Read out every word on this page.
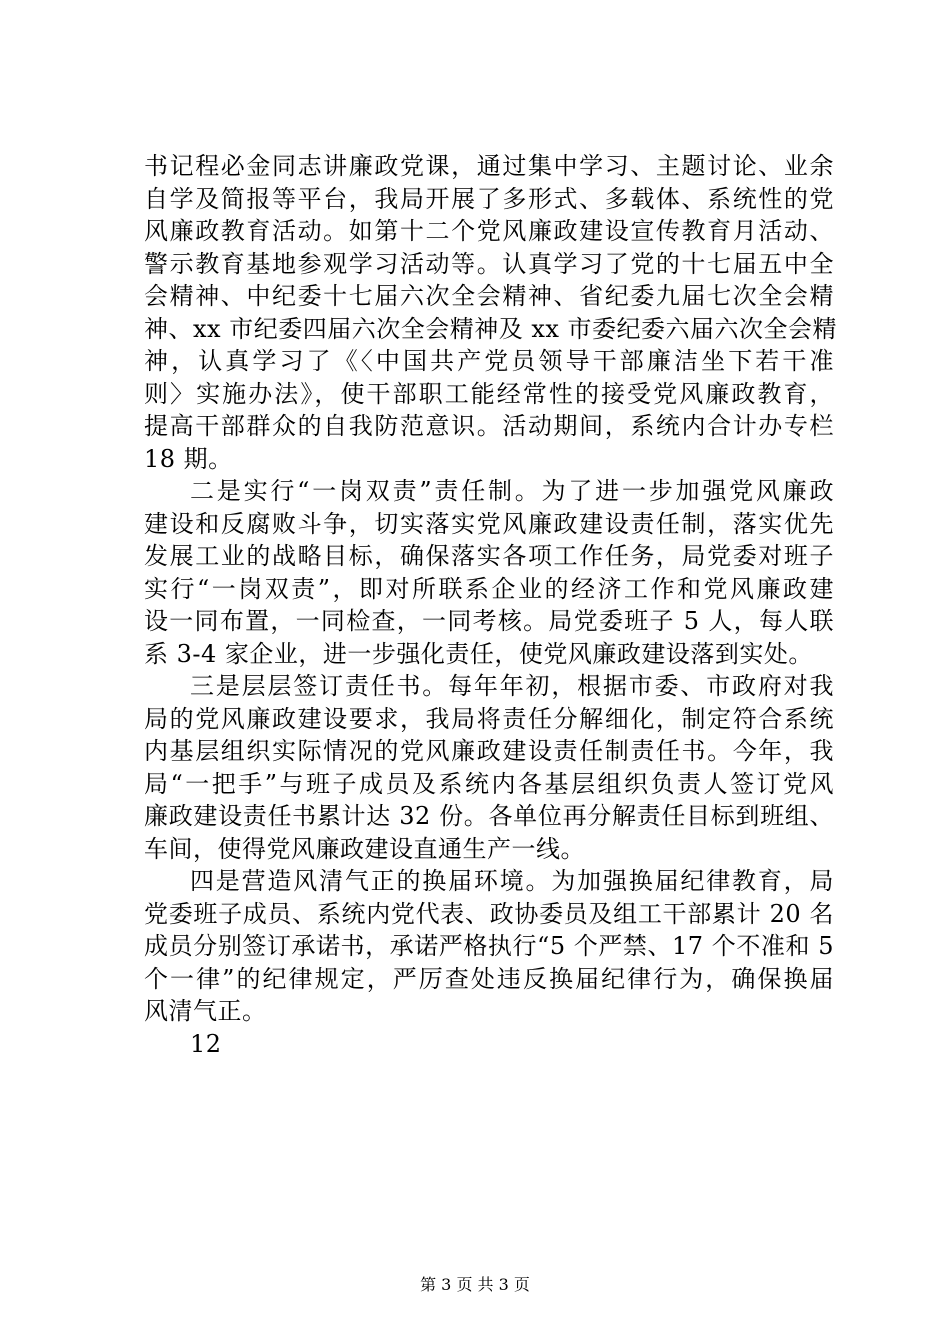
书记程必金同志讲廉政党课，通过集中学习、主题讨论、业余
自学及简报等平台，我局开展了多形式、多载体、系统性的党
风廉政教育活动。如第十二个党风廉政建设宣传教育月活动、
警示教育基地参观学习活动等。认真学习了党的十七届五中全
会精神、中纪委十七届六次全会精神、省纪委九届七次全会精
神、xx 市纪委四届六次全会精神及 xx 市委纪委六届六次全会精
神，认真学习了《〈中国共产党员领导干部廉洁坐下若干准
则〉实施办法》，使干部职工能经常性的接受党风廉政教育，
提高干部群众的自我防范意识。活动期间，系统内合计办专栏
18 期。
二是实行“一岗双责”责任制。为了进一步加强党风廉政
建设和反腐败斗争，切实落实党风廉政建设责任制，落实优先
发展工业的战略目标，确保落实各项工作任务，局党委对班子
实行“一岗双责”，即对所联系企业的经济工作和党风廉政建
设一同布置，一同检查，一同考核。局党委班子 5 人，每人联
系 3-4 家企业，进一步强化责任，使党风廉政建设落到实处。
三是层层签订责任书。每年年初，根据市委、市政府对我
局的党风廉政建设要求，我局将责任分解细化，制定符合系统
内基层组织实际情况的党风廉政建设责任制责任书。今年，我
局“一把手”与班子成员及系统内各基层组织负责人签订党风
廉政建设责任书累计达 32 份。各单位再分解责任目标到班组、
车间，使得党风廉政建设直通生产一线。
四是营造风清气正的换届环境。为加强换届纪律教育，局
党委班子成员、系统内党代表、政协委员及组工干部累计 20 名
成员分别签订承诺书，承诺严格执行“5 个严禁、17 个不准和 5
个一律”的纪律规定，严厉查处违反换届纪律行为，确保换届
风清气正。
12
第 3 页 共 3 页
